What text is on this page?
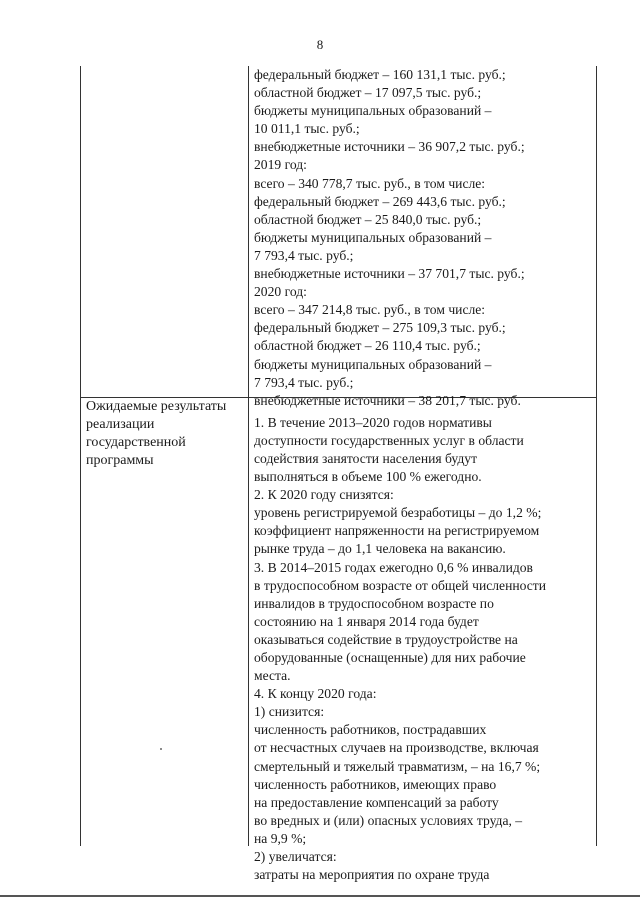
8
Ожидаемые результаты
реализации
государственной
программы
федеральный бюджет – 160 131,1 тыс. руб.;
областной бюджет – 17 097,5 тыс. руб.;
бюджеты муниципальных образований –
10 011,1 тыс. руб.;
внебюджетные источники – 36 907,2 тыс. руб.;
2019 год:
всего – 340 778,7 тыс. руб., в том числе:
федеральный бюджет – 269 443,6 тыс. руб.;
областной бюджет – 25 840,0 тыс. руб.;
бюджеты муниципальных образований –
7 793,4 тыс. руб.;
внебюджетные источники – 37 701,7 тыс. руб.;
2020 год:
всего – 347 214,8 тыс. руб., в том числе:
федеральный бюджет – 275 109,3 тыс. руб.;
областной бюджет – 26 110,4 тыс. руб.;
бюджеты муниципальных образований –
7 793,4 тыс. руб.;
внебюджетные источники – 38 201,7 тыс. руб.
1. В течение 2013–2020 годов нормативы
доступности государственных услуг в области
содействия занятости населения будут
выполняться в объеме 100 % ежегодно.
2. К 2020 году снизятся:
уровень регистрируемой безработицы – до 1,2 %;
коэффициент напряженности на регистрируемом
рынке труда – до 1,1 человека на вакансию.
3. В 2014–2015 годах ежегодно 0,6 % инвалидов
в трудоспособном возрасте от общей численности
инвалидов в трудоспособном возрасте по
состоянию на 1 января 2014 года будет
оказываться содействие в трудоустройстве на
оборудованные (оснащенные) для них рабочие
места.
4. К концу 2020 года:
1) снизится:
численность работников, пострадавших
от несчастных случаев на производстве, включая
смертельный и тяжелый травматизм, – на 16,7 %;
численность работников, имеющих право
на предоставление компенсаций за работу
во вредных и (или) опасных условиях труда, –
на 9,9 %;
2) увеличатся:
затраты на мероприятия по охране труда
